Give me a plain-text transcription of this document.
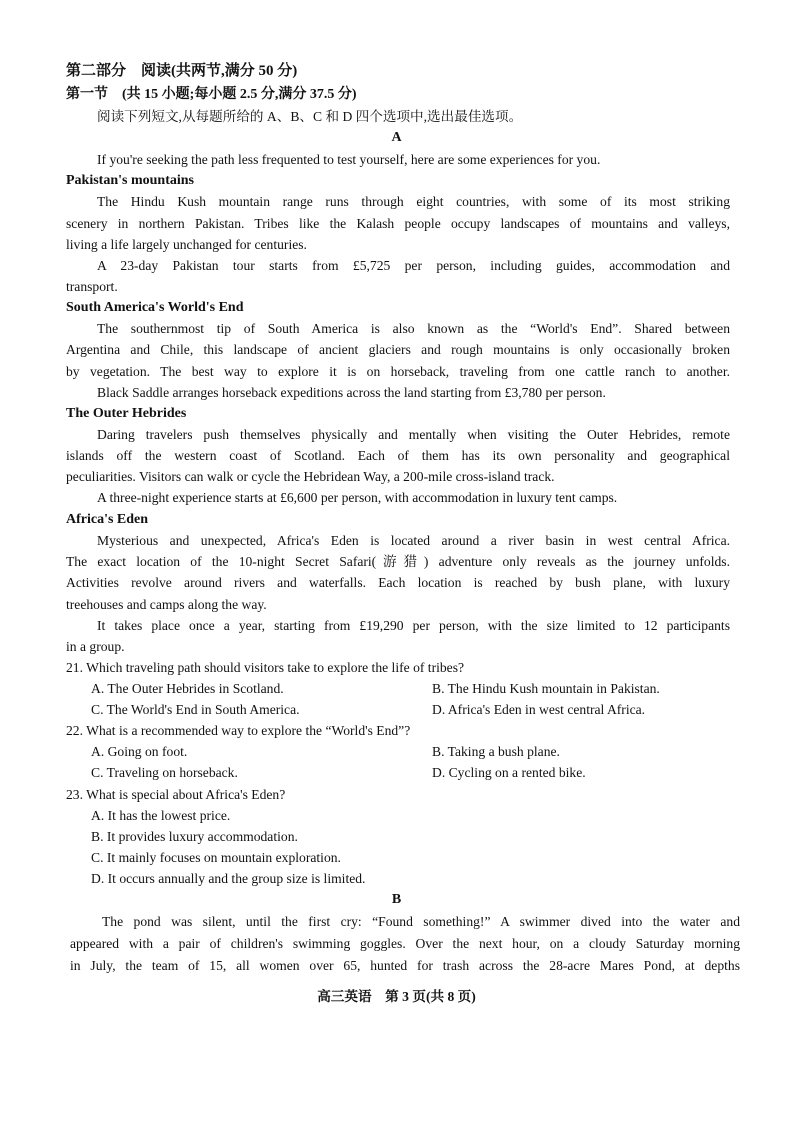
第二部分　阅读(共两节,满分 50 分)
第一节　(共 15 小题;每小题 2.5 分,满分 37.5 分)
阅读下列短文,从每题所给的 A、B、C 和 D 四个选项中,选出最佳选项。
A
If you're seeking the path less frequented to test yourself, here are some experiences for you.
Pakistan's mountains
The Hindu Kush mountain range runs through eight countries, with some of its most striking
scenery in northern Pakistan. Tribes like the Kalash people occupy landscapes of mountains and valleys,
living a life largely unchanged for centuries.
A 23-day Pakistan tour starts from £5,725 per person, including guides, accommodation and
transport.
South America's World's End
The southernmost tip of South America is also known as the “World's End”. Shared between
Argentina and Chile, this landscape of ancient glaciers and rough mountains is only occasionally broken
by vegetation. The best way to explore it is on horseback, traveling from one cattle ranch to another.
Black Saddle arranges horseback expeditions across the land starting from £3,780 per person.
The Outer Hebrides
Daring travelers push themselves physically and mentally when visiting the Outer Hebrides, remote
islands off the western coast of Scotland. Each of them has its own personality and geographical
peculiarities. Visitors can walk or cycle the Hebridean Way, a 200-mile cross-island track.
A three-night experience starts at £6,600 per person, with accommodation in luxury tent camps.
Africa's Eden
Mysterious and unexpected, Africa's Eden is located around a river basin in west central Africa.
The exact location of the 10-night Secret Safari(游猎) adventure only reveals as the journey unfolds.
Activities revolve around rivers and waterfalls. Each location is reached by bush plane, with luxury
treehouses and camps along the way.
It takes place once a year, starting from £19,290 per person, with the size limited to 12 participants
in a group.
21. Which traveling path should visitors take to explore the life of tribes?
A. The Outer Hebrides in Scotland.	B. The Hindu Kush mountain in Pakistan.
C. The World's End in South America.	D. Africa's Eden in west central Africa.
22. What is a recommended way to explore the “World's End”?
A. Going on foot.	B. Taking a bush plane.
C. Traveling on horseback.	D. Cycling on a rented bike.
23. What is special about Africa's Eden?
A. It has the lowest price.
B. It provides luxury accommodation.
C. It mainly focuses on mountain exploration.
D. It occurs annually and the group size is limited.
B
The pond was silent, until the first cry: “Found something!” A swimmer dived into the water and
appeared with a pair of children's swimming goggles. Over the next hour, on a cloudy Saturday morning
in July, the team of 15, all women over 65, hunted for trash across the 28-acre Mares Pond, at depths
高三英语　第 3 页(共 8 页)
